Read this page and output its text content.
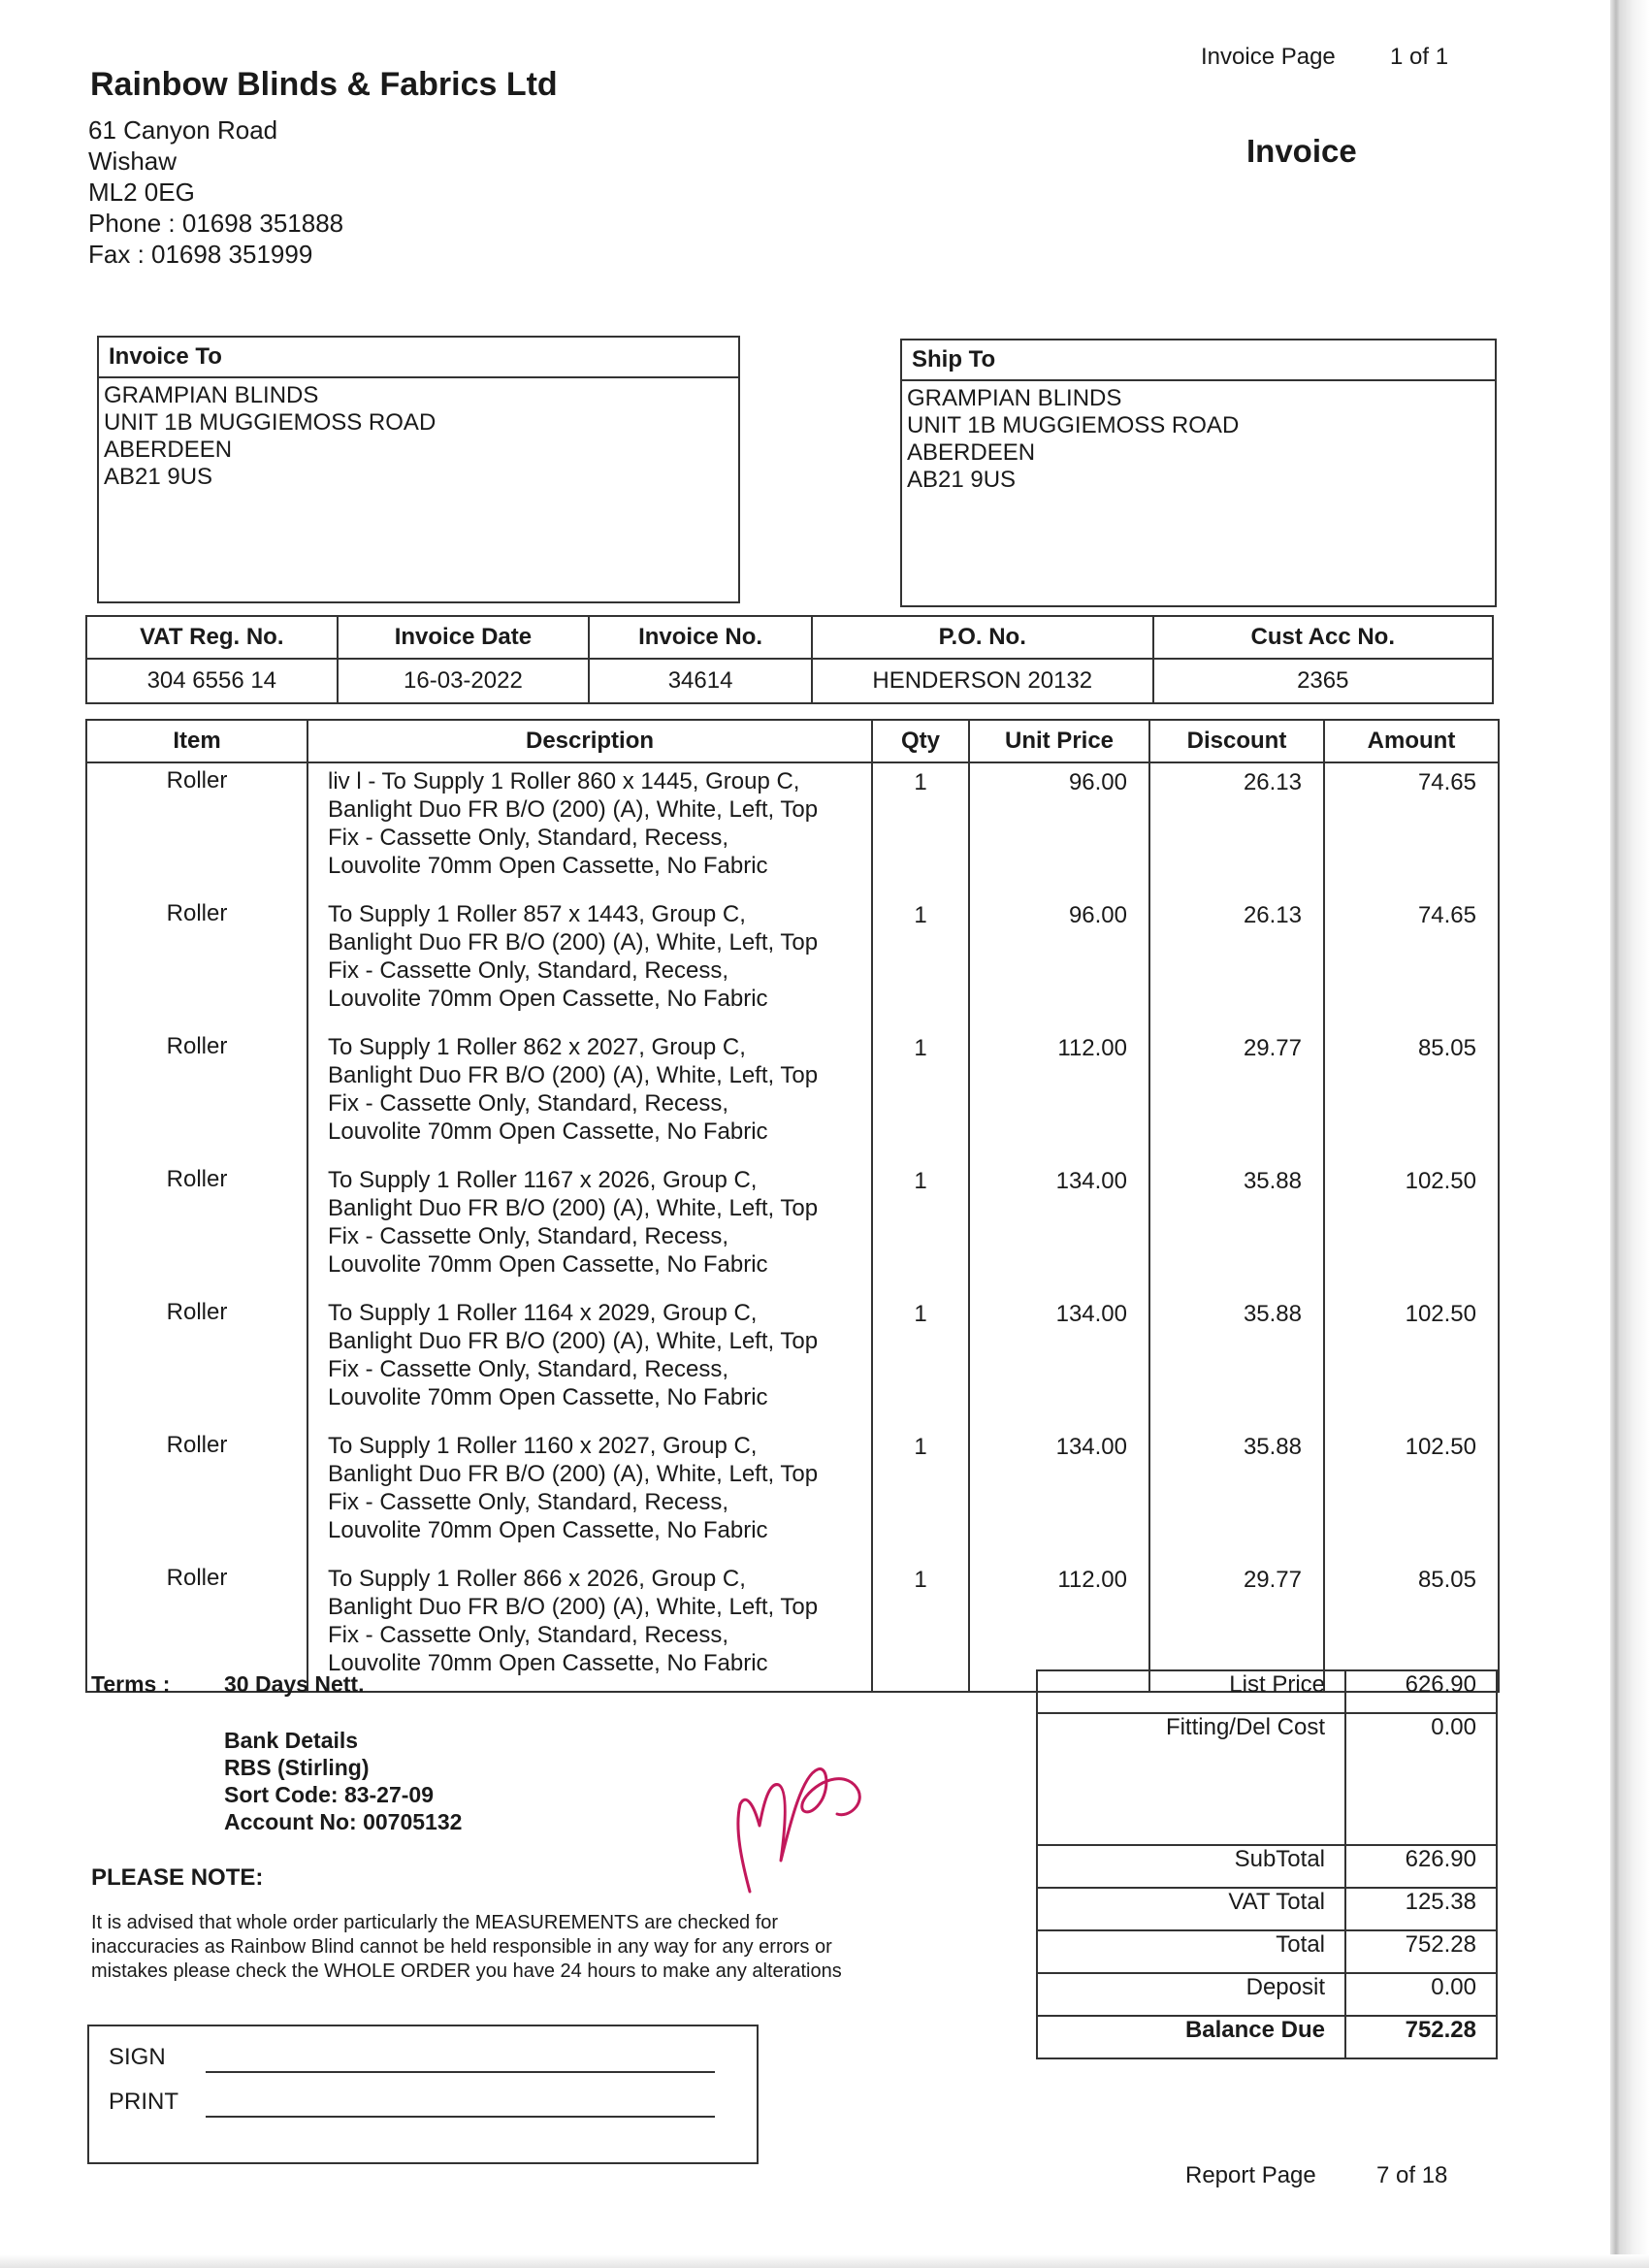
Invoice Page 1 of 1
Invoice
Rainbow Blinds & Fabrics Ltd
61 Canyon Road
Wishaw
ML2 0EG
Phone : 01698 351888
Fax : 01698 351999
Invoice To
GRAMPIAN BLINDS
UNIT 1B MUGGIEMOSS ROAD
ABERDEEN
AB21 9US
Ship To
GRAMPIAN BLINDS
UNIT 1B MUGGIEMOSS ROAD
ABERDEEN
AB21 9US
VAT Reg. No.	Invoice Date	Invoice No.	P.O. No.	Cust Acc No.
304 6556 14	16-03-2022	34614	HENDERSON 20132	2365
Item	Description	Qty	Unit Price	Discount	Amount
Roller	liv l - To Supply 1 Roller 860 x 1445, Group C,
Banlight Duo FR B/O (200) (A), White, Left, Top
Fix - Cassette Only, Standard, Recess,
Louvolite 70mm Open Cassette, No Fabric	1	96.00	26.13	74.65
Roller	To Supply 1 Roller 857 x 1443, Group C,
Banlight Duo FR B/O (200) (A), White, Left, Top
Fix - Cassette Only, Standard, Recess,
Louvolite 70mm Open Cassette, No Fabric	1	96.00	26.13	74.65
Roller	To Supply 1 Roller 862 x 2027, Group C,
Banlight Duo FR B/O (200) (A), White, Left, Top
Fix - Cassette Only, Standard, Recess,
Louvolite 70mm Open Cassette, No Fabric	1	112.00	29.77	85.05
Roller	To Supply 1 Roller 1167 x 2026, Group C,
Banlight Duo FR B/O (200) (A), White, Left, Top
Fix - Cassette Only, Standard, Recess,
Louvolite 70mm Open Cassette, No Fabric	1	134.00	35.88	102.50
Roller	To Supply 1 Roller 1164 x 2029, Group C,
Banlight Duo FR B/O (200) (A), White, Left, Top
Fix - Cassette Only, Standard, Recess,
Louvolite 70mm Open Cassette, No Fabric	1	134.00	35.88	102.50
Roller	To Supply 1 Roller 1160 x 2027, Group C,
Banlight Duo FR B/O (200) (A), White, Left, Top
Fix - Cassette Only, Standard, Recess,
Louvolite 70mm Open Cassette, No Fabric	1	134.00	35.88	102.50
Roller	To Supply 1 Roller 866 x 2026, Group C,
Banlight Duo FR B/O (200) (A), White, Left, Top
Fix - Cassette Only, Standard, Recess,
Louvolite 70mm Open Cassette, No Fabric	1	112.00	29.77	85.05
Terms : 30 Days Nett.
Bank Details
RBS (Stirling)
Sort Code: 83-27-09
Account No: 00705132
PLEASE NOTE:
It is advised that whole order particularly the MEASUREMENTS are checked for
inaccuracies as Rainbow Blind cannot be held responsible in any way for any errors or
mistakes please check the WHOLE ORDER you have 24 hours to make any alterations
SIGN
PRINT
List Price	626.90
Fitting/Del Cost	0.00
SubTotal	626.90
VAT Total	125.38
Total	752.28
Deposit	0.00
Balance Due	752.28
Report Page	7 of 18
